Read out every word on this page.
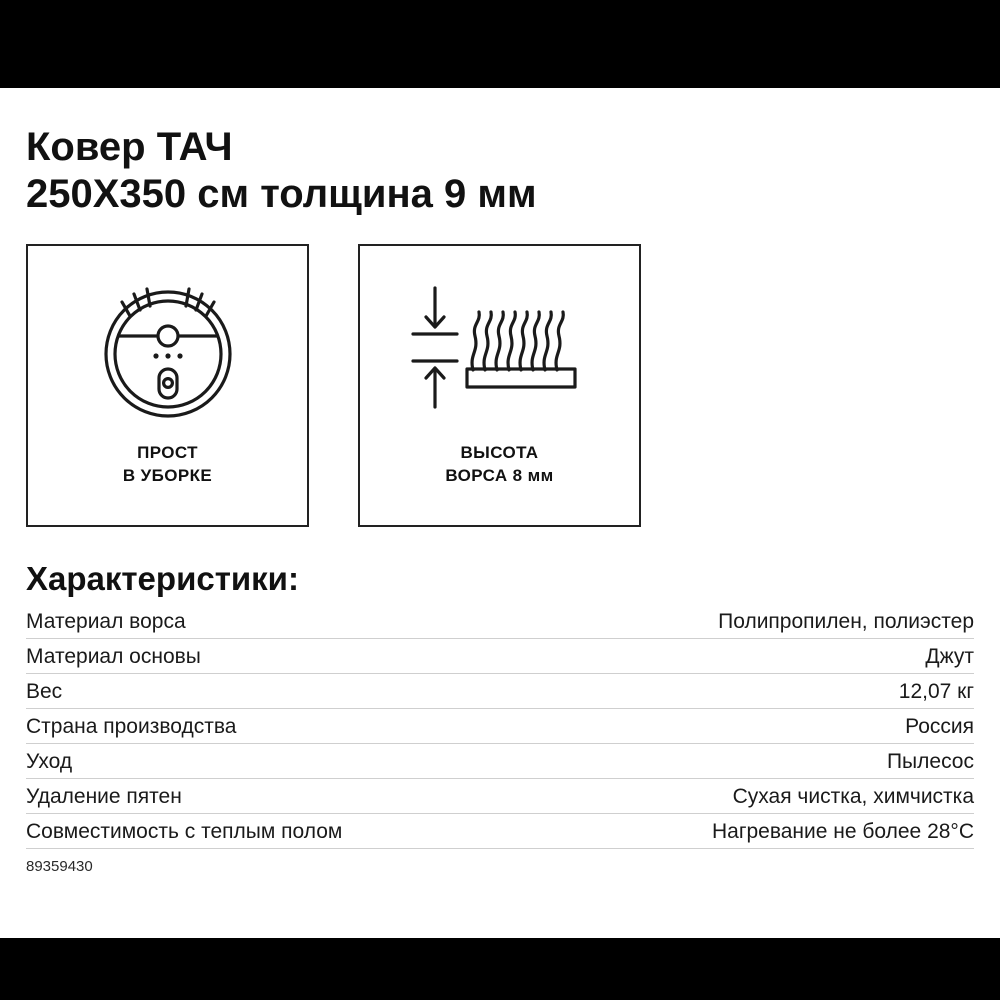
Ковер ТАЧ
250X350 см толщина 9 мм
ПРОСТ
В УБОРКЕ
ВЫСОТА
ВОРСА 8 мм
Характеристики:
Материал ворса	Полипропилен, полиэстер
Материал основы	Джут
Вес	12,07 кг
Страна производства	Россия
Уход	Пылесос
Удаление пятен	Сухая чистка, химчистка
Совместимость с теплым полом	Нагревание не более 28°C
89359430
